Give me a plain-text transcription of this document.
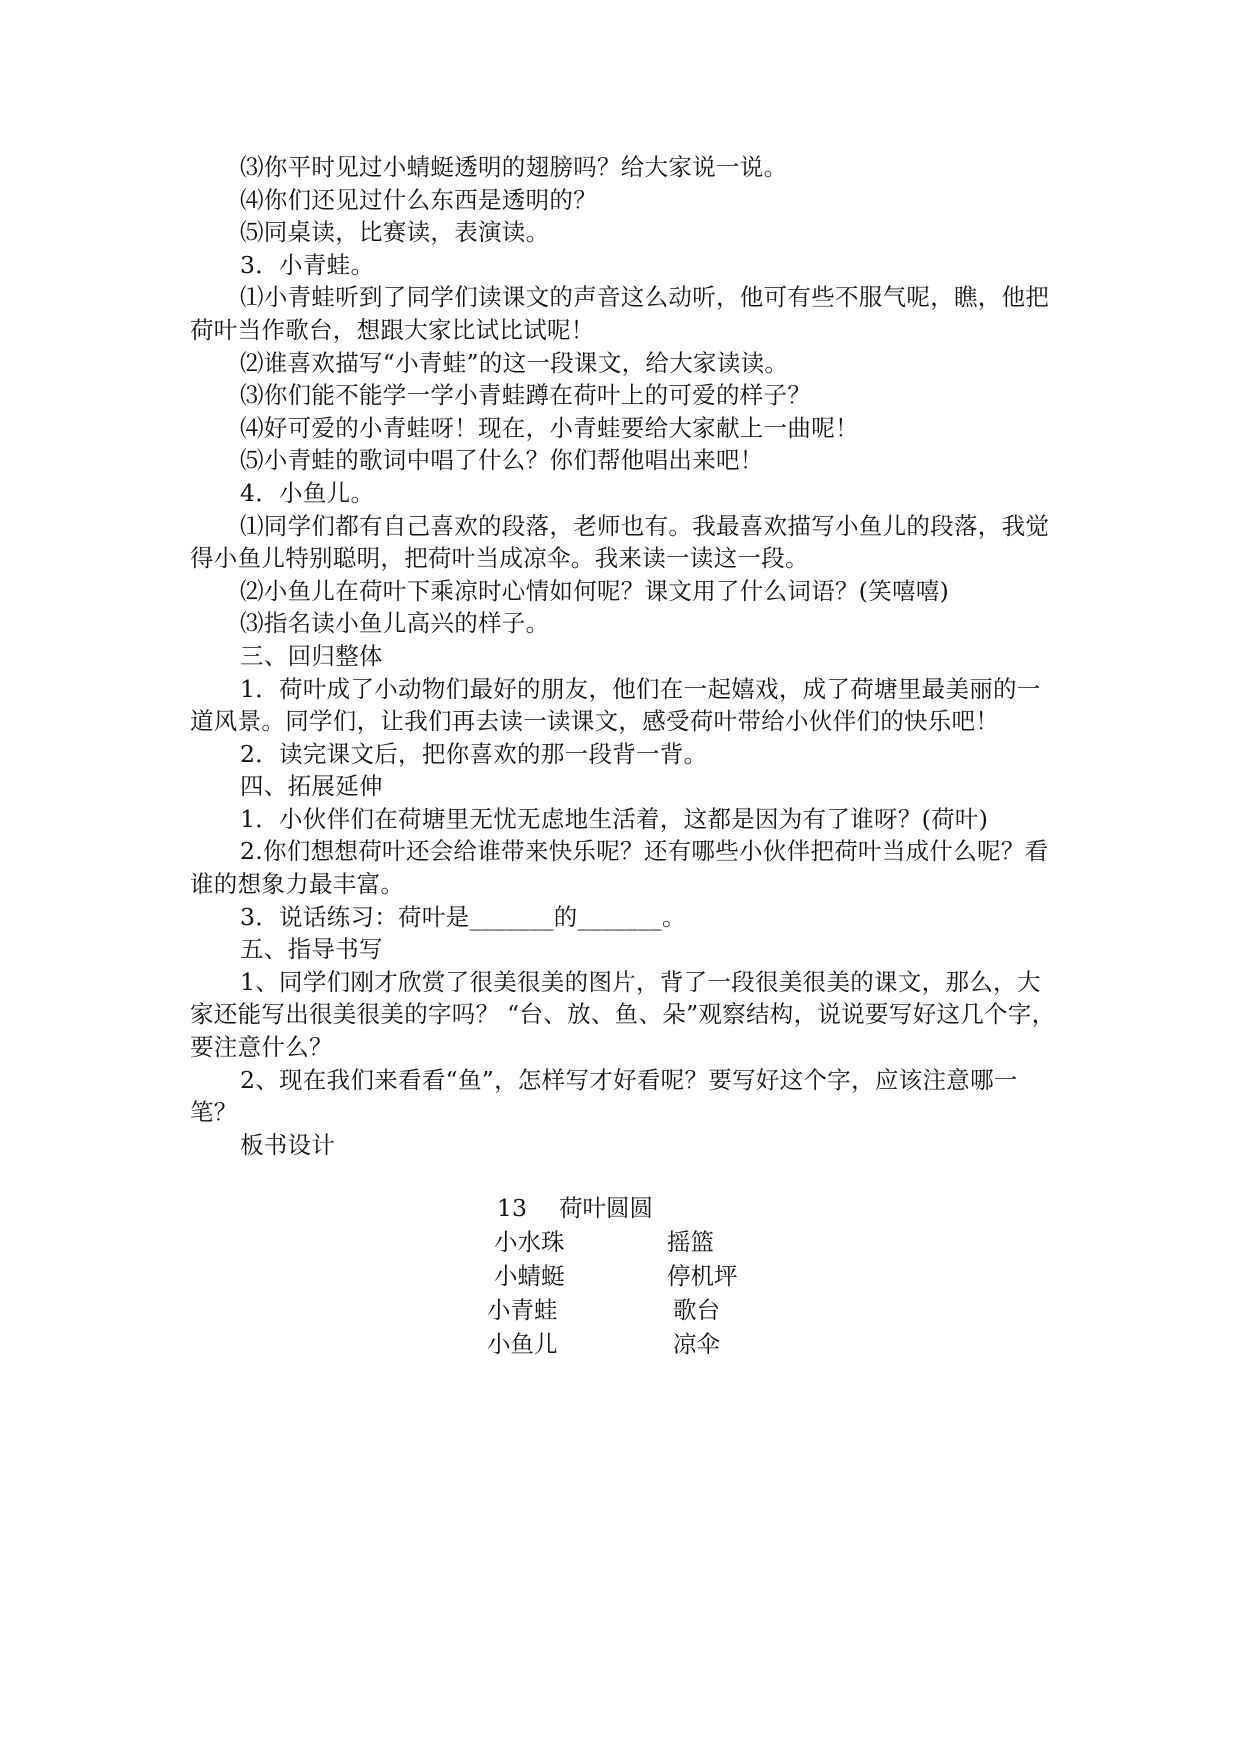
⑶你平时见过小蜻蜓透明的翅膀吗？给大家说一说。

⑷你们还见过什么东西是透明的？

⑸同桌读，比赛读，表演读。

3．小青蛙。

⑴小青蛙听到了同学们读课文的声音这么动听，他可有些不服气呢，瞧，他把荷叶当作歌台，想跟大家比试比试呢！

⑵谁喜欢描写“小青蛙”的这一段课文，给大家读读。

⑶你们能不能学一学小青蛙蹲在荷叶上的可爱的样子？

⑷好可爱的小青蛙呀！现在，小青蛙要给大家献上一曲呢！

⑸小青蛙的歌词中唱了什么？你们帮他唱出来吧！

4．小鱼儿。

⑴同学们都有自己喜欢的段落，老师也有。我最喜欢描写小鱼儿的段落，我觉得小鱼儿特别聪明，把荷叶当成凉伞。我来读一读这一段。

⑵小鱼儿在荷叶下乘凉时心情如何呢？课文用了什么词语？(笑嘻嘻)

⑶指名读小鱼儿高兴的样子。

三、回归整体

1．荷叶成了小动物们最好的朋友，他们在一起嬉戏，成了荷塘里最美丽的一道风景。同学们，让我们再去读一读课文，感受荷叶带给小伙伴们的快乐吧！

2．读完课文后，把你喜欢的那一段背一背。

四、拓展延伸

1．小伙伴们在荷塘里无忧无虑地生活着，这都是因为有了谁呀？(荷叶)

2.你们想想荷叶还会给谁带来快乐呢？还有哪些小伙伴把荷叶当成什么呢？看谁的想象力最丰富。

3．说话练习：荷叶是_______的_______。

五、指导书写

1、同学们刚才欣赏了很美很美的图片，背了一段很美很美的课文，那么，大家还能写出很美很美的字吗？ “台、放、鱼、朵”观察结构，说说要写好这几个字，要注意什么？

2、现在我们来看看“鱼”，怎样写才好看呢？要写好这个字，应该注意哪一笔？

板书设计

13 荷叶圆圆
小水珠	摇篮
小蜻蜓	停机坪
小青蛙	歌台
小鱼儿	凉伞
